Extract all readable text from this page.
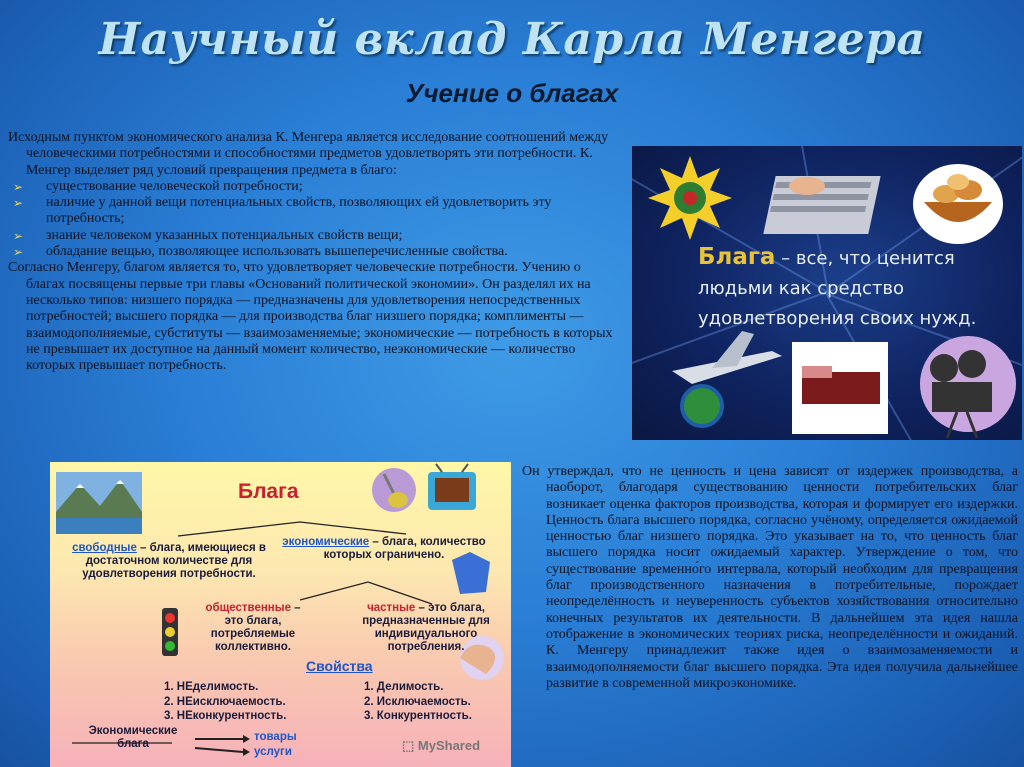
Научный вклад Карла Менгера
Учение о благах

Исходным пунктом экономического анализа К. Менгера является исследование соотношений между человеческими потребностями и способностями предметов удовлетворять эти потребности. К. Менгер выделяет ряд условий превращения предмета в благо:

➢ существование человеческой потребности;
➢ наличие у данной вещи потенциальных свойств, позволяющих ей удовлетворить эту потребность;
➢ знание человеком указанных потенциальных свойств вещи;
➢ обладание вещью, позволяющее использовать вышеперечисленные свойства.

Согласно Менгеру, благом является то, что удовлетворяет человеческие потребности. Учению о благах посвящены первые три главы «Оснований политической экономии». Он разделял их на несколько типов: низшего порядка — предназначены для удовлетворения непосредственных потребностей; высшего порядка — для производства благ низшего порядка; комплименты — взаимодополняемые, субституты — взаимозаменяемые; экономические — потребность в которых не превышает их доступное на данный момент количество, неэкономические — количество которых превышает потребность.

Блага – все, что ценится людьми как средство удовлетворения своих нужд.
Блага
свободные – блага, имеющиеся в достаточном количестве для удовлетворения потребности.
экономические – блага, количество которых ограничено.
общественные – это блага, потребляемые коллективно.
частные – это блага, предназначенные для индивидуального потребления.
Свойства
1. НЕделимость.
2. НЕисключаемость.
3. НЕконкурентность.
1. Делимость.
2. Исключаемость.
3. Конкурентность.
Экономические блага
товары
услуги	⬚ MyShared

Он утверждал, что не ценность и цена зависят от издержек производства, а наоборот, благодаря существованию ценности потребительских благ возникает оценка факторов производства, которая и формирует его издержки. Ценность блага высшего порядка, согласно учёному, определяется ожидаемой ценностью благ низшего порядка. Это указывает на то, что ценность благ высшего порядка носит ожидаемый характер. Утверждение о том, что существование временно́го интервала, который необходим для превращения благ производственного назначения в потребительные, порождает неопределённость и неуверенность субъектов хозяйствования относительно конечных результатов их деятельности. В дальнейшем эта идея нашла отображение в экономических теориях риска, неопределённости и ожиданий. К. Менгеру принадлежит также идея о взаимозаменяемости и взаимодополняемости благ высшего порядка. Эта идея получила дальнейшее развитие в современной микроэкономике.
